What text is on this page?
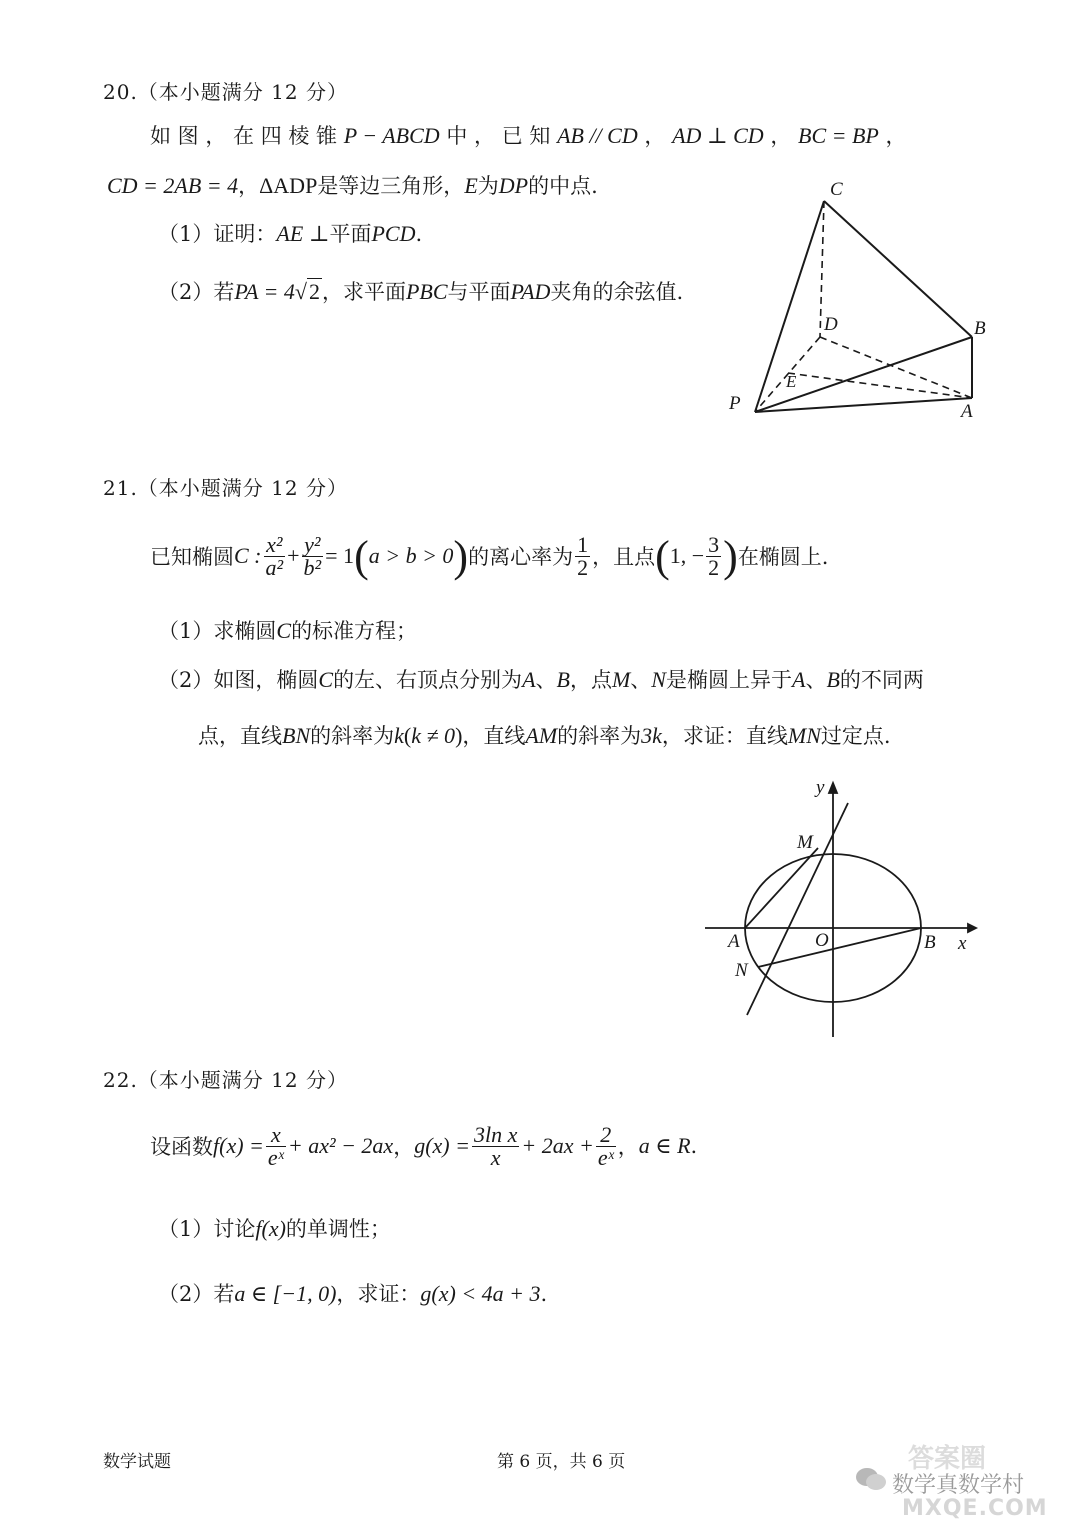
20.（本小题满分 12 分）
如 图 ， 在 四 棱 锥 P − ABCD 中 ， 已 知 AB // CD ， AD ⊥ CD ， BC = BP ，
CD = 2AB = 4，ΔADP是等边三角形，E为DP的中点.
（1）证明：AE ⊥平面PCD.
（2）若PA = 4√2，求平面PBC与平面PAD夹角的余弦值.
C
D	B
E
P	A
21.（本小题满分 12 分）
已知椭圆 C : $\frac{\text{x²}}{\text{a²}} + \frac{\text{y²}}{\text{b²}} = 1$ ( a > b > 0 ) 的离心率为 $\frac{1}{2}$ ，且点 ( 1, − $\frac{3}{2}$ ) 在椭圆上.
（1）求椭圆C的标准方程；
（2）如图，椭圆C的左、右顶点分别为A、B，点M、N是椭圆上异于A、B的不同两
点，直线BN的斜率为k(k ≠ 0)，直线AM的斜率为3k，求证：直线MN过定点.
y
x
M
A	O	B
N
22.（本小题满分 12 分）
设函数 $f(x) = \frac{x}{\text{eˣ}} + ax^2 - 2ax$ ， $g(x) = \frac{\text{3ln x}}{x} + 2ax + \frac{2}{\text{eˣ}}$ ， a ∈ R .
（1）讨论f(x)的单调性；
（2）若a ∈ [−1, 0)，求证：g(x) < 4a + 3.
数学试题	第 6 页，共 6 页	答案圈
数学真数学村
MXQE.COM
